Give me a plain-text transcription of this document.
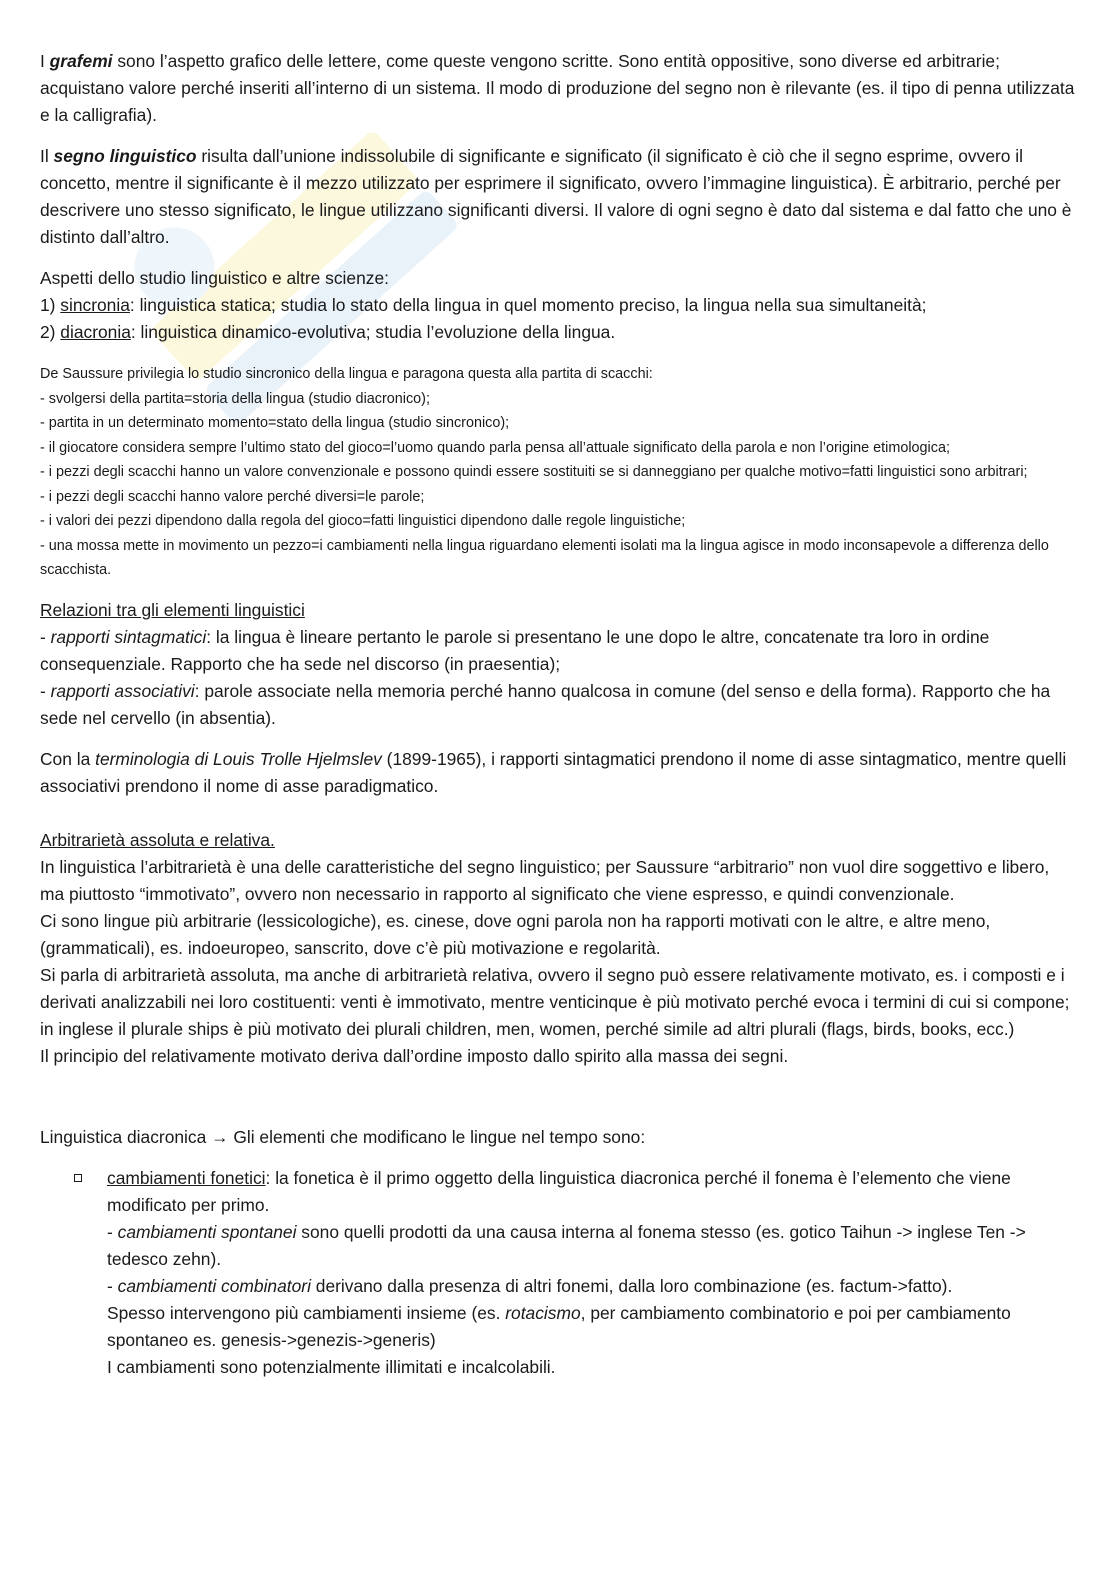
I grafemi sono l’aspetto grafico delle lettere, come queste vengono scritte. Sono entità oppositive, sono diverse ed arbitrarie; acquistano valore perché inseriti all’interno di un sistema. Il modo di produzione del segno non è rilevante (es. il tipo di penna utilizzata e la calligrafia).

Il segno linguistico risulta dall’unione indissolubile di significante e significato (il significato è ciò che il segno esprime, ovvero il concetto, mentre il significante è il mezzo utilizzato per esprimere il significato, ovvero l’immagine linguistica). È arbitrario, perché per descrivere uno stesso significato, le lingue utilizzano significanti diversi. Il valore di ogni segno è dato dal sistema e dal fatto che uno è distinto dall’altro.

Aspetti dello studio linguistico e altre scienze:

1) sincronia: linguistica statica; studia lo stato della lingua in quel momento preciso, la lingua nella sua simultaneità;

2) diacronia: linguistica dinamico-evolutiva; studia l’evoluzione della lingua.

De Saussure privilegia lo studio sincronico della lingua e paragona questa alla partita di scacchi:

- svolgersi della partita=storia della lingua (studio diacronico);

- partita in un determinato momento=stato della lingua (studio sincronico);

- il giocatore considera sempre l’ultimo stato del gioco=l’uomo quando parla pensa all’attuale significato della parola e non l’origine etimologica;

- i pezzi degli scacchi hanno un valore convenzionale e possono quindi essere sostituiti se si danneggiano per qualche motivo=fatti linguistici sono arbitrari;

- i pezzi degli scacchi hanno valore perché diversi=le parole;

- i valori dei pezzi dipendono dalla regola del gioco=fatti linguistici dipendono dalle regole linguistiche;

- una mossa mette in movimento un pezzo=i cambiamenti nella lingua riguardano elementi isolati ma la lingua agisce in modo inconsapevole a differenza dello scacchista.

Relazioni tra gli elementi linguistici

- rapporti sintagmatici: la lingua è lineare pertanto le parole si presentano le une dopo le altre, concatenate tra loro in ordine consequenziale. Rapporto che ha sede nel discorso (in praesentia);

- rapporti associativi: parole associate nella memoria perché hanno qualcosa in comune (del senso e della forma). Rapporto che ha sede nel cervello (in absentia).

Con la terminologia di Louis Trolle Hjelmslev (1899-1965), i rapporti sintagmatici prendono il nome di asse sintagmatico, mentre quelli associativi prendono il nome di asse paradigmatico.

Arbitrarietà assoluta e relativa.

In linguistica l’arbitrarietà è una delle caratteristiche del segno linguistico; per Saussure “arbitrario” non vuol dire soggettivo e libero, ma piuttosto “immotivato”, ovvero non necessario in rapporto al significato che viene espresso, e quindi convenzionale.

Ci sono lingue più arbitrarie (lessicologiche), es. cinese, dove ogni parola non ha rapporti motivati con le altre, e altre meno, (grammaticali), es. indoeuropeo, sanscrito, dove c’è più motivazione e regolarità.

Si parla di arbitrarietà assoluta, ma anche di arbitrarietà relativa, ovvero il segno può essere relativamente motivato, es. i composti e i derivati analizzabili nei loro costituenti: venti è immotivato, mentre venticinque è più motivato perché evoca i termini di cui si compone; in inglese il plurale ships è più motivato dei plurali children, men, women, perché simile ad altri plurali (flags, birds, books, ecc.)

Il principio del relativamente motivato deriva dall’ordine imposto dallo spirito alla massa dei segni.

Linguistica diacronica → Gli elementi che modificano le lingue nel tempo sono:

cambiamenti fonetici: la fonetica è il primo oggetto della linguistica diacronica perché il fonema è l’elemento che viene modificato per primo.

- cambiamenti spontanei sono quelli prodotti da una causa interna al fonema stesso (es. gotico Taihun -> inglese Ten -> tedesco zehn).

- cambiamenti combinatori derivano dalla presenza di altri fonemi, dalla loro combinazione (es. factum->fatto).

Spesso intervengono più cambiamenti insieme (es. rotacismo, per cambiamento combinatorio e poi per cambiamento spontaneo es. genesis->genezis->generis)

I cambiamenti sono potenzialmente illimitati e incalcolabili.
